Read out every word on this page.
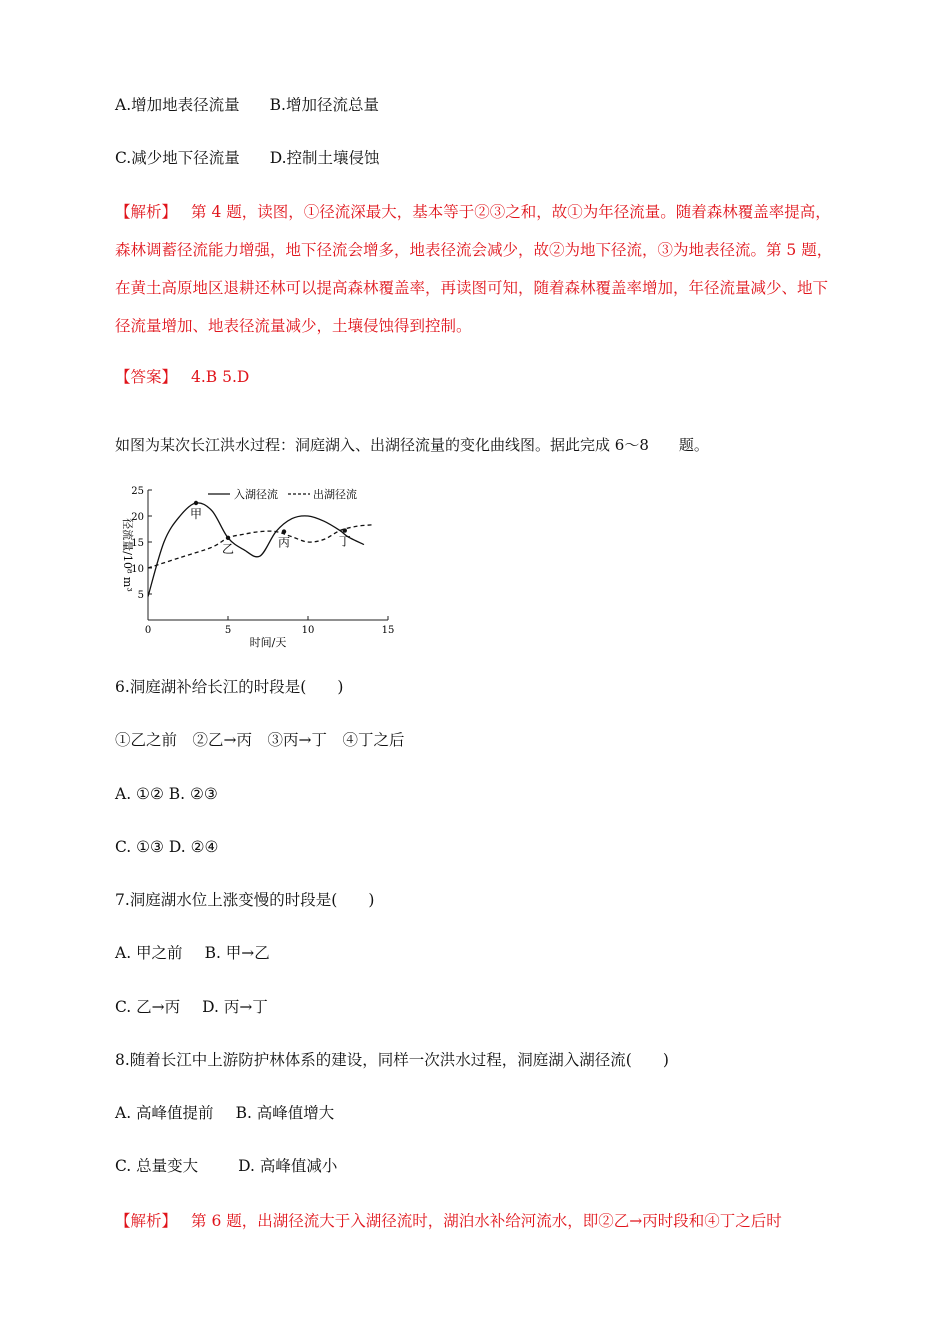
A.增加地表径流量 B.增加径流总量
C.减少地下径流量 D.控制土壤侵蚀
【解析】 第 4 题，读图，①径流深最大，基本等于②③之和，故①为年径流量。随着森林覆盖率提高，森林调蓄径流能力增强，地下径流会增多，地表径流会减少，故②为地下径流，③为地表径流。第 5 题，在黄土高原地区退耕还林可以提高森林覆盖率，再读图可知，随着森林覆盖率增加，年径流量减少、地下径流量增加、地表径流量减少，土壤侵蚀得到控制。
【答案】 4.B 5.D
如图为某次长江洪水过程：洞庭湖入、出湖径流量的变化曲线图。据此完成 6～8　　题。
0	5	10	15
5
10
15
20
25
甲
乙	丙	丁
入湖径流	出湖径流
时间/天
径流量/10⁸ m³
6.洞庭湖补给长江的时段是(　　)
①乙之前　②乙→丙　③丙→丁　④丁之后
A. ①② B. ②③
C. ①③ D. ②④
7.洞庭湖水位上涨变慢的时段是(　　)
A. 甲之前 B. 甲→乙
C. 乙→丙 D. 丙→丁
8.随着长江中上游防护林体系的建设，同样一次洪水过程，洞庭湖入湖径流(　　)
A. 高峰值提前 B. 高峰值增大
C. 总量变大	D. 高峰值减小
【解析】 第 6 题，出湖径流大于入湖径流时，湖泊水补给河流水，即②乙→丙时段和④丁之后时
